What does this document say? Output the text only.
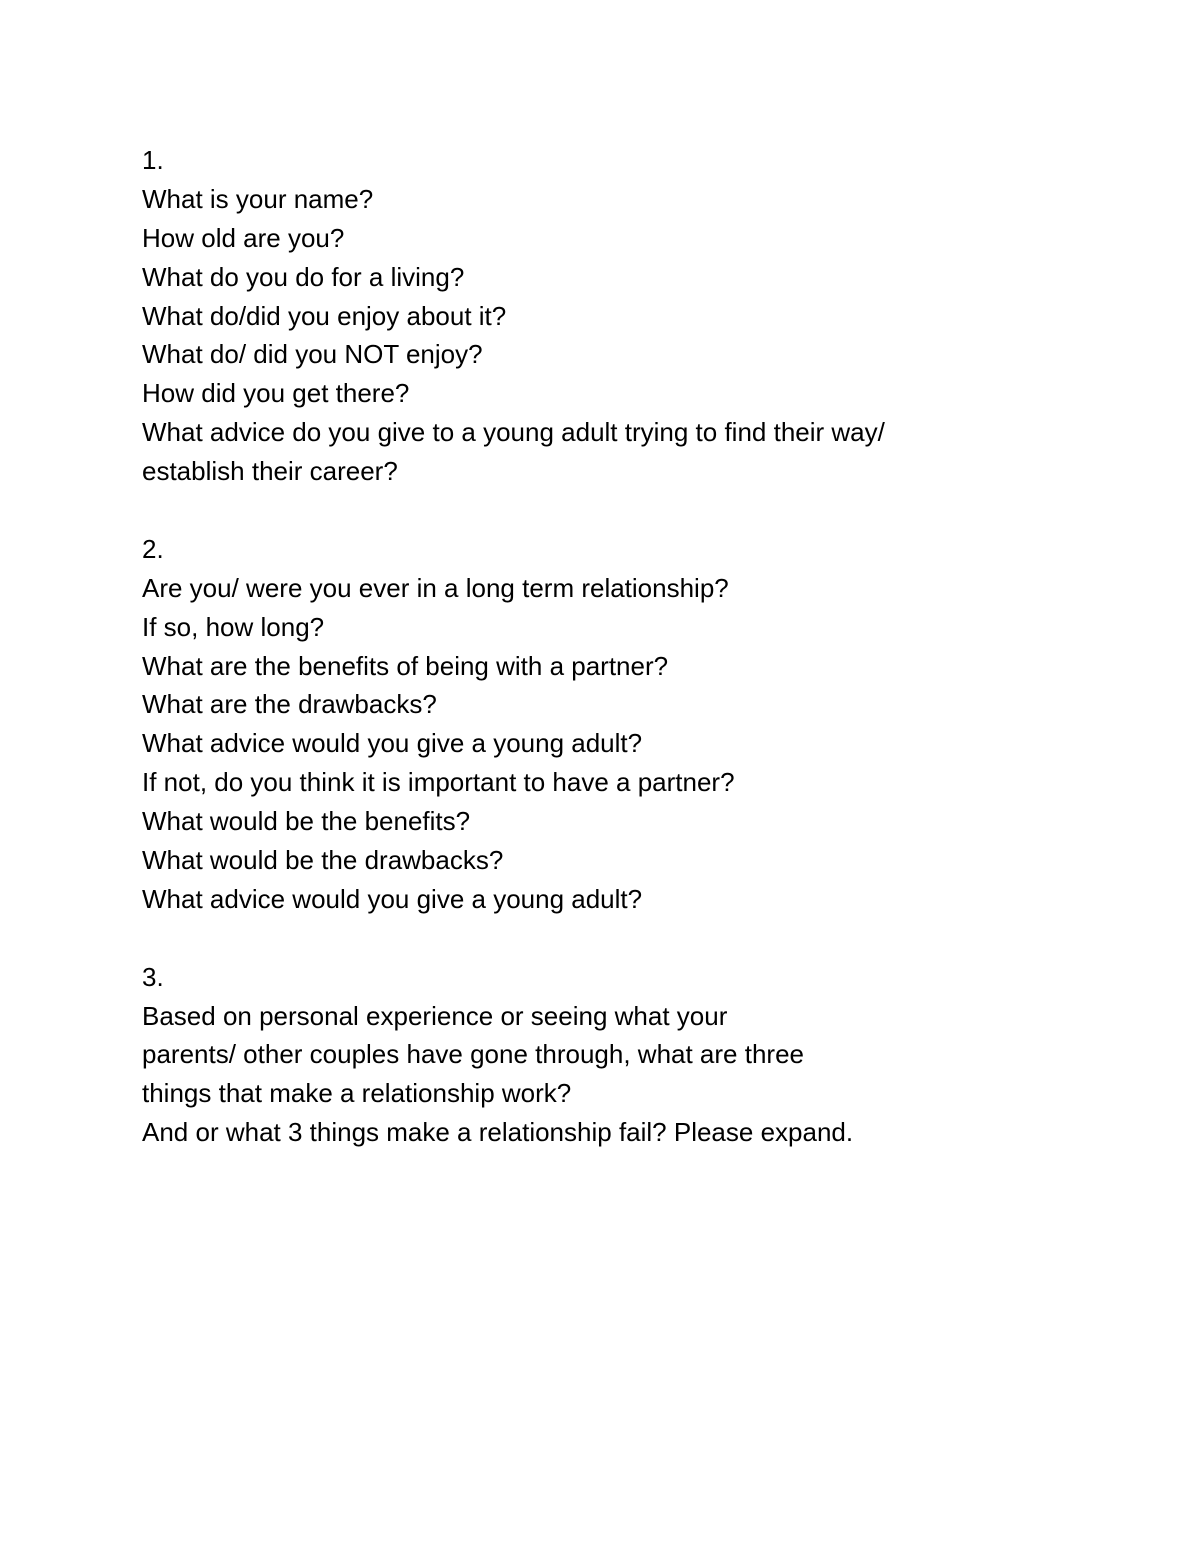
1.

What is your name?

How old are you?

What do you do for a living?

What do/did you enjoy about it?

What do/ did you NOT enjoy?

How did you get there?

What advice do you give to a young adult trying to find their way/

establish their career?

2.

Are you/ were you ever in a long term relationship?

If so, how long?

What are the benefits of being with a partner?

What are the drawbacks?

What advice would you give a young adult?

If not, do you think it is important to have a partner?

What would be the benefits?

What would be the drawbacks?

What advice would you give a young adult?

3.

Based on personal experience or seeing what your

parents/ other couples have gone through, what are three

things that make a relationship work?

And or what 3 things make a relationship fail? Please expand.
